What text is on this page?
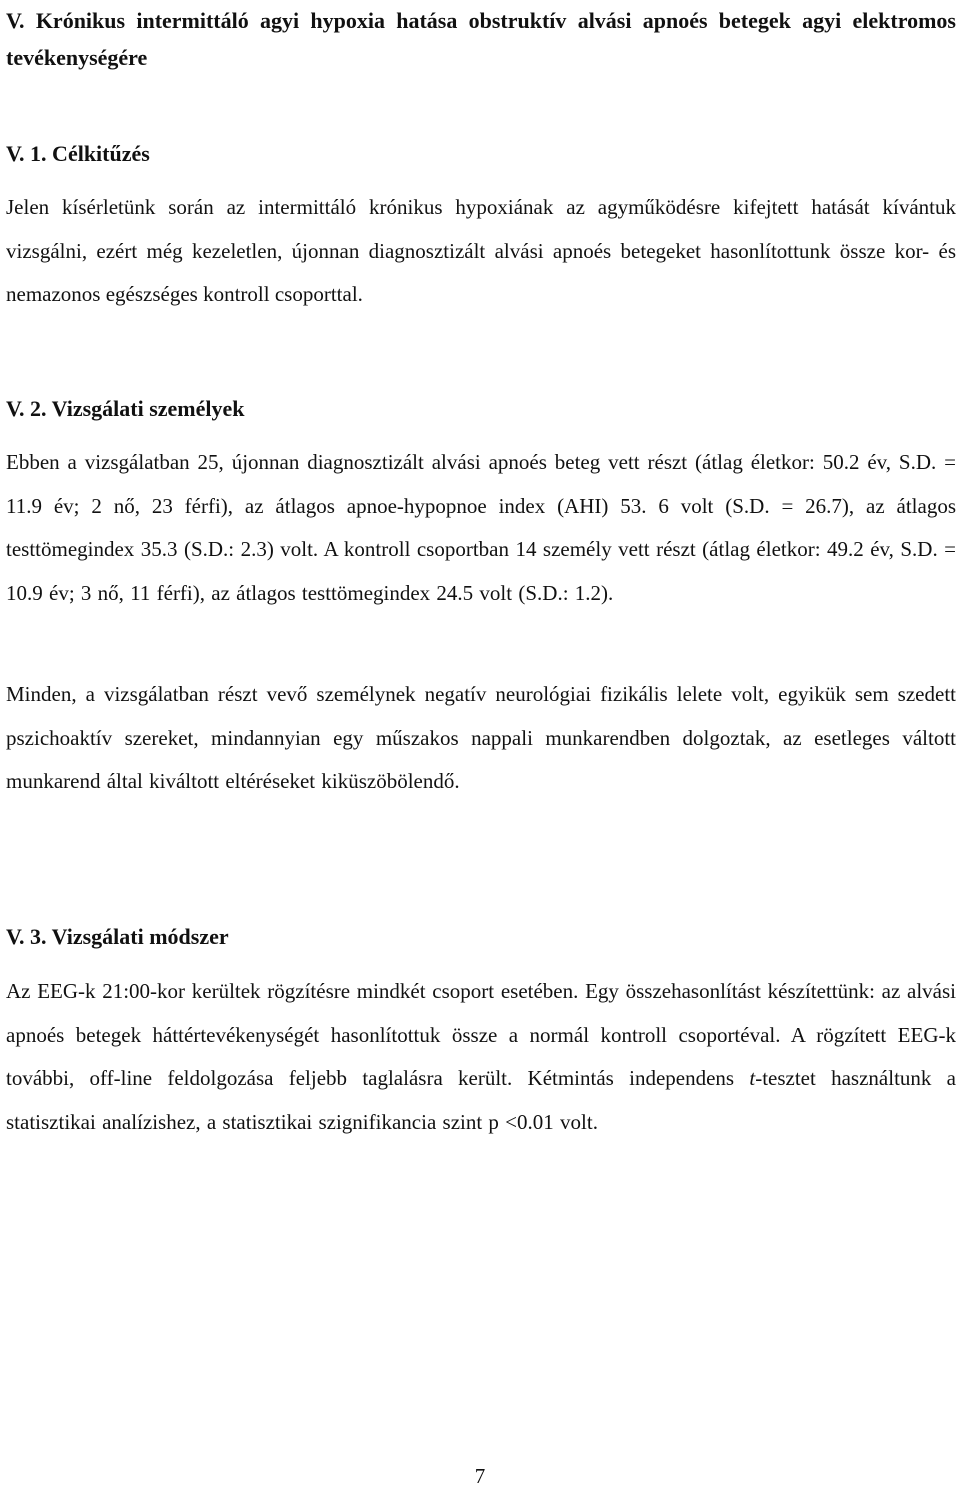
V. Krónikus intermittáló agyi hypoxia hatása obstruktív alvási apnoés betegek agyi elektromos tevékenységére
V. 1. Célkitűzés
Jelen kísérletünk során az intermittáló krónikus hypoxiának az agyműködésre kifejtett hatását kívántuk vizsgálni, ezért még kezeletlen, újonnan diagnosztizált alvási apnoés betegeket hasonlítottunk össze kor- és nemazonos egészséges kontroll csoporttal.
V. 2. Vizsgálati személyek
Ebben a vizsgálatban 25, újonnan diagnosztizált alvási apnoés beteg vett részt (átlag életkor: 50.2 év, S.D. = 11.9 év; 2 nő, 23 férfi), az átlagos apnoe-hypopnoe index (AHI) 53. 6 volt (S.D. = 26.7), az átlagos testtömegindex 35.3 (S.D.: 2.3) volt. A kontroll csoportban 14 személy vett részt (átlag életkor: 49.2 év, S.D. = 10.9 év; 3 nő, 11 férfi), az átlagos testtömegindex 24.5 volt (S.D.: 1.2).
Minden, a vizsgálatban részt vevő személynek negatív neurológiai fizikális lelete volt, egyikük sem szedett pszichoaktív szereket, mindannyian egy műszakos nappali munkarendben dolgoztak, az esetleges váltott munkarend által kiváltott eltéréseket kiküszöbölendő.
V. 3. Vizsgálati módszer
Az EEG-k 21:00-kor kerültek rögzítésre mindkét csoport esetében. Egy összehasonlítást készítettünk: az alvási apnoés betegek háttértevékenységét hasonlítottuk össze a normál kontroll csoportéval. A rögzített EEG-k további, off-line feldolgozása feljebb taglalásra került. Kétmintás independens t-tesztet használtunk a statisztikai analízishez, a statisztikai szignifikancia szint p <0.01 volt.
7
